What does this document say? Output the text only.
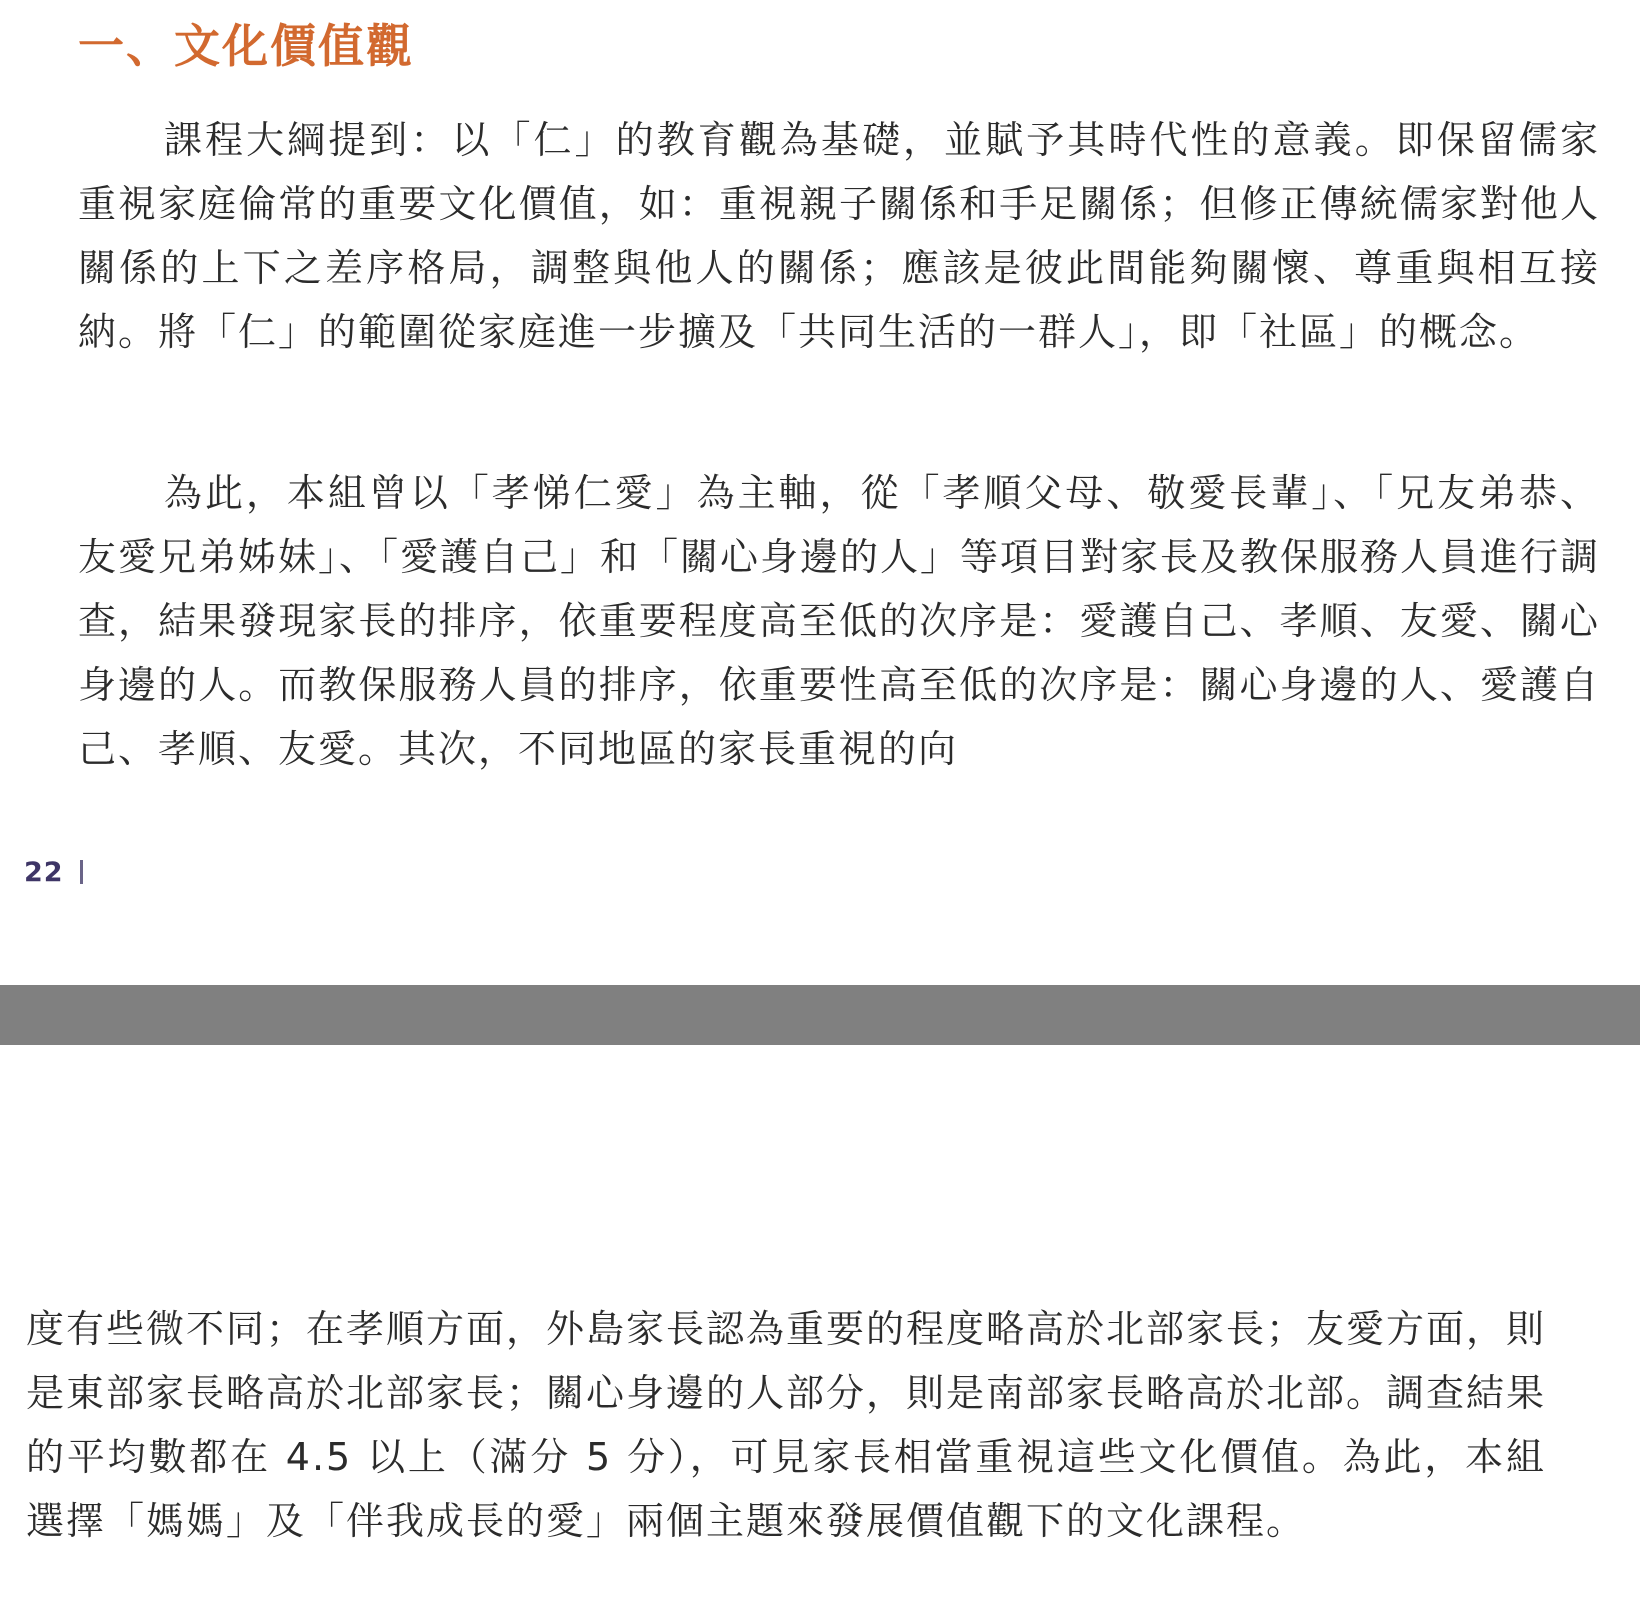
一、文化價值觀

課程大綱提到：以「仁」的教育觀為基礎，並賦予其時代性的意義。即保留儒家重視家庭倫常的重要文化價值，如：重視親子關係和手足關係；但修正傳統儒家對他人關係的上下之差序格局，調整與他人的關係；應該是彼此間能夠關懷、尊重與相互接納。將「仁」的範圍從家庭進一步擴及「共同生活的一群人」，即「社區」的概念。

為此，本組曾以「孝悌仁愛」為主軸，從「孝順父母、敬愛長輩」、「兄友弟恭、友愛兄弟姊妹」、「愛護自己」和「關心身邊的人」等項目對家長及教保服務人員進行調查，結果發現家長的排序，依重要程度高至低的次序是：愛護自己、孝順、友愛、關心身邊的人。而教保服務人員的排序，依重要性高至低的次序是：關心身邊的人、愛護自己、孝順、友愛。其次，不同地區的家長重視的向

22

度有些微不同；在孝順方面，外島家長認為重要的程度略高於北部家長；友愛方面，則是東部家長略高於北部家長；關心身邊的人部分，則是南部家長略高於北部。調查結果的平均數都在 4.5 以上（滿分 5 分），可見家長相當重視這些文化價值。為此，本組選擇「媽媽」及「伴我成長的愛」兩個主題來發展價值觀下的文化課程。
